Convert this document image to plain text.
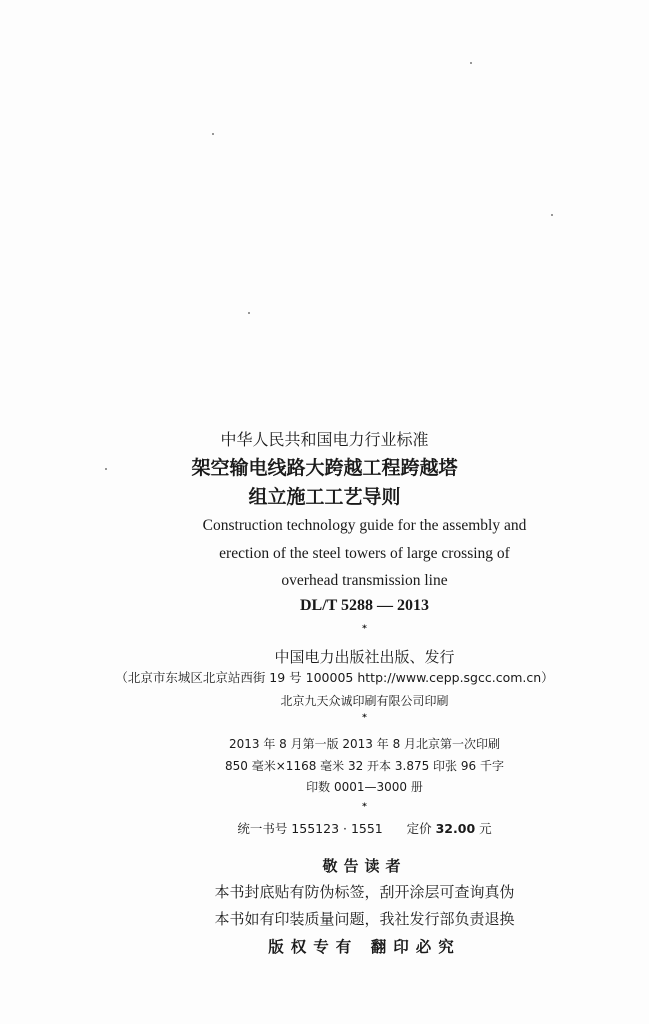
中华人民共和国电力行业标准
架空输电线路大跨越工程跨越塔
组立施工工艺导则
Construction technology guide for the assembly and
erection of the steel towers of large crossing of
overhead transmission line
DL/T 5288 — 2013
*
中国电力出版社出版、发行
（北京市东城区北京站西街 19 号 100005 http://www.cepp.sgcc.com.cn）
北京九天众诚印刷有限公司印刷
*
2013 年 8 月第一版 2013 年 8 月北京第一次印刷
850 毫米×1168 毫米 32 开本 3.875 印张 96 千字
印数 0001—3000 册
*
统一书号 155123 · 1551 定价 32.00 元
敬告读者
本书封底贴有防伪标签，刮开涂层可查询真伪
本书如有印装质量问题，我社发行部负责退换
版权专有 翻印必究
